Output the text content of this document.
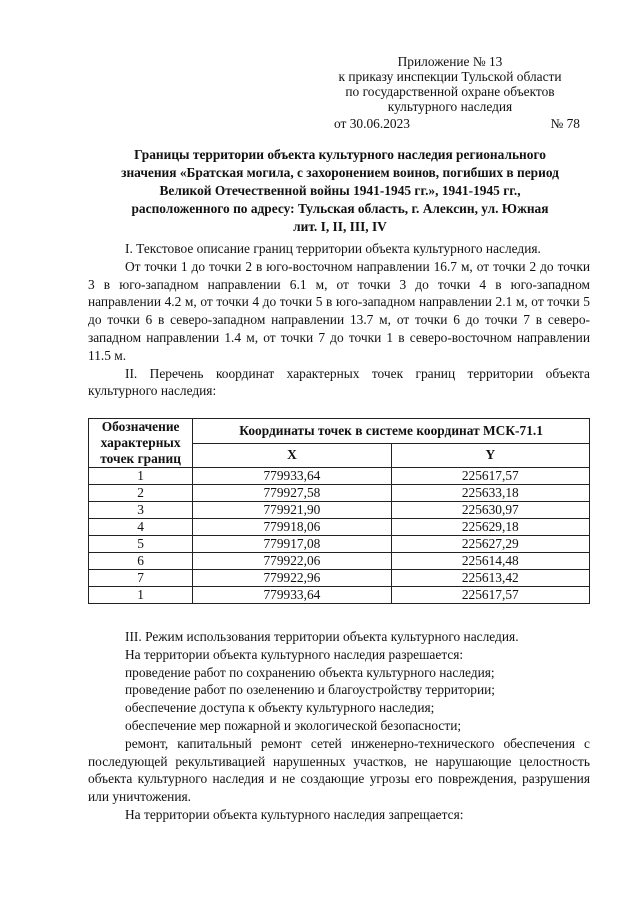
Приложение № 13
к приказу инспекции Тульской области
по государственной охране объектов
культурного наследия
от 30.06.2023	№ 78
Границы территории объекта культурного наследия регионального
значения «Братская могила, с захоронением воинов, погибших в период
Великой Отечественной войны 1941-1945 гг.», 1941-1945 гг.,
расположенного по адресу: Тульская область, г. Алексин, ул. Южная
лит. I, II, III, IV

I. Текстовое описание границ территории объекта культурного наследия.

От точки 1 до точки 2 в юго-восточном направлении 16.7 м, от точки 2 до точки 3 в юго-западном направлении 6.1 м, от точки 3 до точки 4 в юго-западном направлении 4.2 м, от точки 4 до точки 5 в юго-западном направлении 2.1 м, от точки 5 до точки 6 в северо-западном направлении 13.7 м, от точки 6 до точки 7 в северо-западном направлении 1.4 м, от точки 7 до точки 1 в северо-восточном направлении 11.5 м.

II. Перечень координат характерных точек границ территории объекта культурного наследия:

Обозначение характерных точек границ	Координаты точек в системе координат МСК-71.1	
	X	Y
1	779933,64	225617,57
2	779927,58	225633,18
3	779921,90	225630,97
4	779918,06	225629,18
5	779917,08	225627,29
6	779922,06	225614,48
7	779922,96	225613,42
1	779933,64	225617,57

III. Режим использования территории объекта культурного наследия.

На территории объекта культурного наследия разрешается:

проведение работ по сохранению объекта культурного наследия;

проведение работ по озеленению и благоустройству территории;

обеспечение доступа к объекту культурного наследия;

обеспечение мер пожарной и экологической безопасности;

ремонт, капитальный ремонт сетей инженерно-технического обеспечения с последующей рекультивацией нарушенных участков, не нарушающие целостность объекта культурного наследия и не создающие угрозы его повреждения, разрушения или уничтожения.

На территории объекта культурного наследия запрещается:
